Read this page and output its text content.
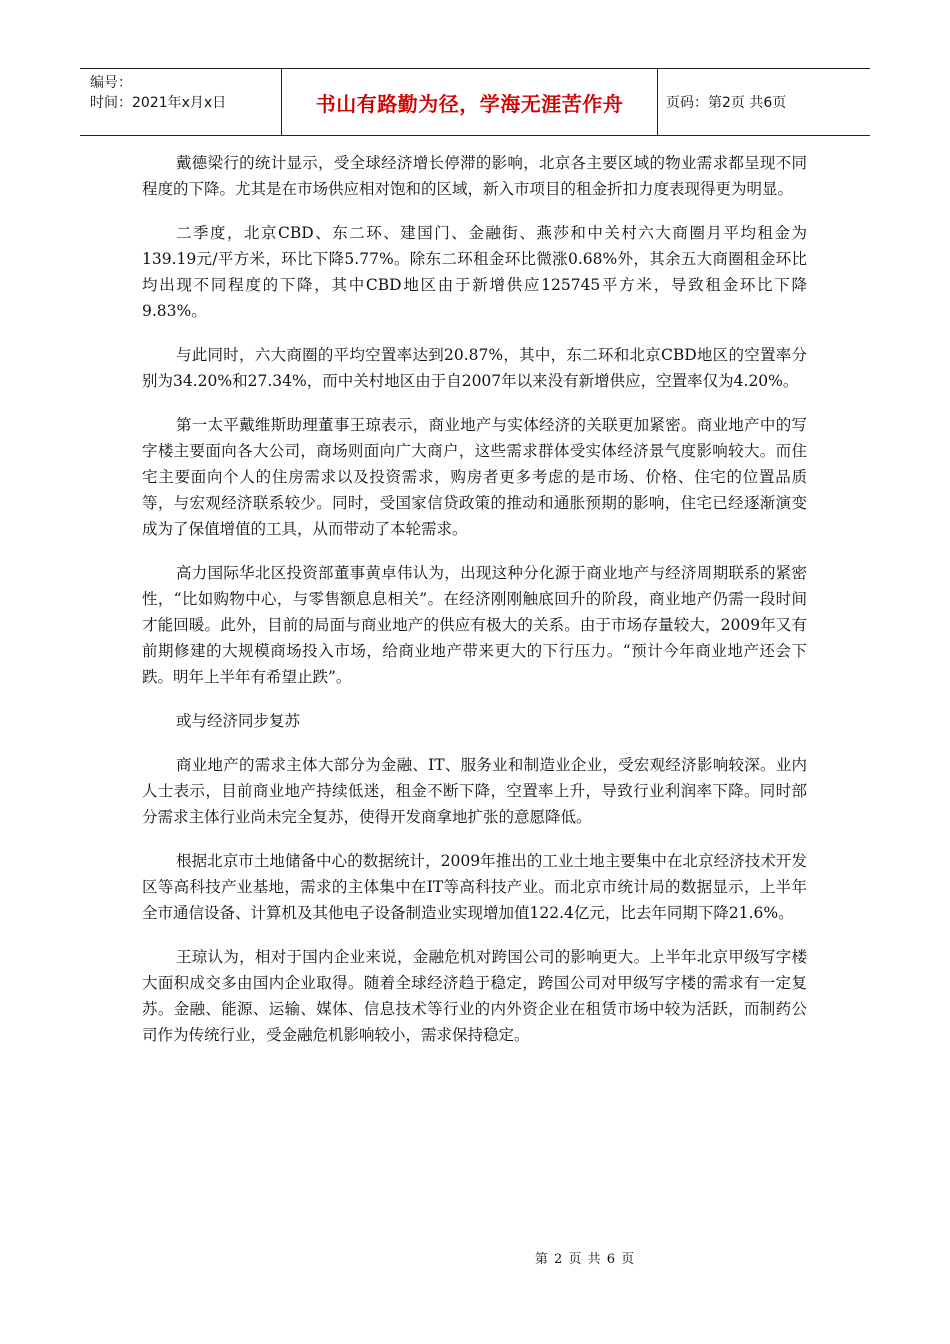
编号：
时间：2021年x月x日	书山有路勤为径，学海无涯苦作舟	页码：第2页 共6页

戴德梁行的统计显示，受全球经济增长停滞的影响，北京各主要区域的物业需求都呈现不同程度的下降。尤其是在市场供应相对饱和的区域，新入市项目的租金折扣力度表现得更为明显。

二季度，北京CBD、东二环、建国门、金融街、燕莎和中关村六大商圈月平均租金为139.19元/平方米，环比下降5.77%。除东二环租金环比微涨0.68%外，其余五大商圈租金环比均出现不同程度的下降，其中CBD地区由于新增供应125745平方米，导致租金环比下降9.83%。

与此同时，六大商圈的平均空置率达到20.87%，其中，东二环和北京CBD地区的空置率分别为34.20%和27.34%，而中关村地区由于自2007年以来没有新增供应，空置率仅为4.20%。

第一太平戴维斯助理董事王琼表示，商业地产与实体经济的关联更加紧密。商业地产中的写字楼主要面向各大公司，商场则面向广大商户，这些需求群体受实体经济景气度影响较大。而住宅主要面向个人的住房需求以及投资需求，购房者更多考虑的是市场、价格、住宅的位置品质等，与宏观经济联系较少。同时，受国家信贷政策的推动和通胀预期的影响，住宅已经逐渐演变成为了保值增值的工具，从而带动了本轮需求。

高力国际华北区投资部董事黄卓伟认为，出现这种分化源于商业地产与经济周期联系的紧密性，“比如购物中心，与零售额息息相关”。在经济刚刚触底回升的阶段，商业地产仍需一段时间才能回暖。此外，目前的局面与商业地产的供应有极大的关系。由于市场存量较大，2009年又有前期修建的大规模商场投入市场，给商业地产带来更大的下行压力。“预计今年商业地产还会下跌。明年上半年有希望止跌”。

或与经济同步复苏

商业地产的需求主体大部分为金融、IT、服务业和制造业企业，受宏观经济影响较深。业内人士表示，目前商业地产持续低迷，租金不断下降，空置率上升，导致行业利润率下降。同时部分需求主体行业尚未完全复苏，使得开发商拿地扩张的意愿降低。

根据北京市土地储备中心的数据统计，2009年推出的工业土地主要集中在北京经济技术开发区等高科技产业基地，需求的主体集中在IT等高科技产业。而北京市统计局的数据显示，上半年全市通信设备、计算机及其他电子设备制造业实现增加值122.4亿元，比去年同期下降21.6%。

王琼认为，相对于国内企业来说，金融危机对跨国公司的影响更大。上半年北京甲级写字楼大面积成交多由国内企业取得。随着全球经济趋于稳定，跨国公司对甲级写字楼的需求有一定复苏。金融、能源、运输、媒体、信息技术等行业的内外资企业在租赁市场中较为活跃，而制药公司作为传统行业，受金融危机影响较小，需求保持稳定。

第 2 页 共 6 页
